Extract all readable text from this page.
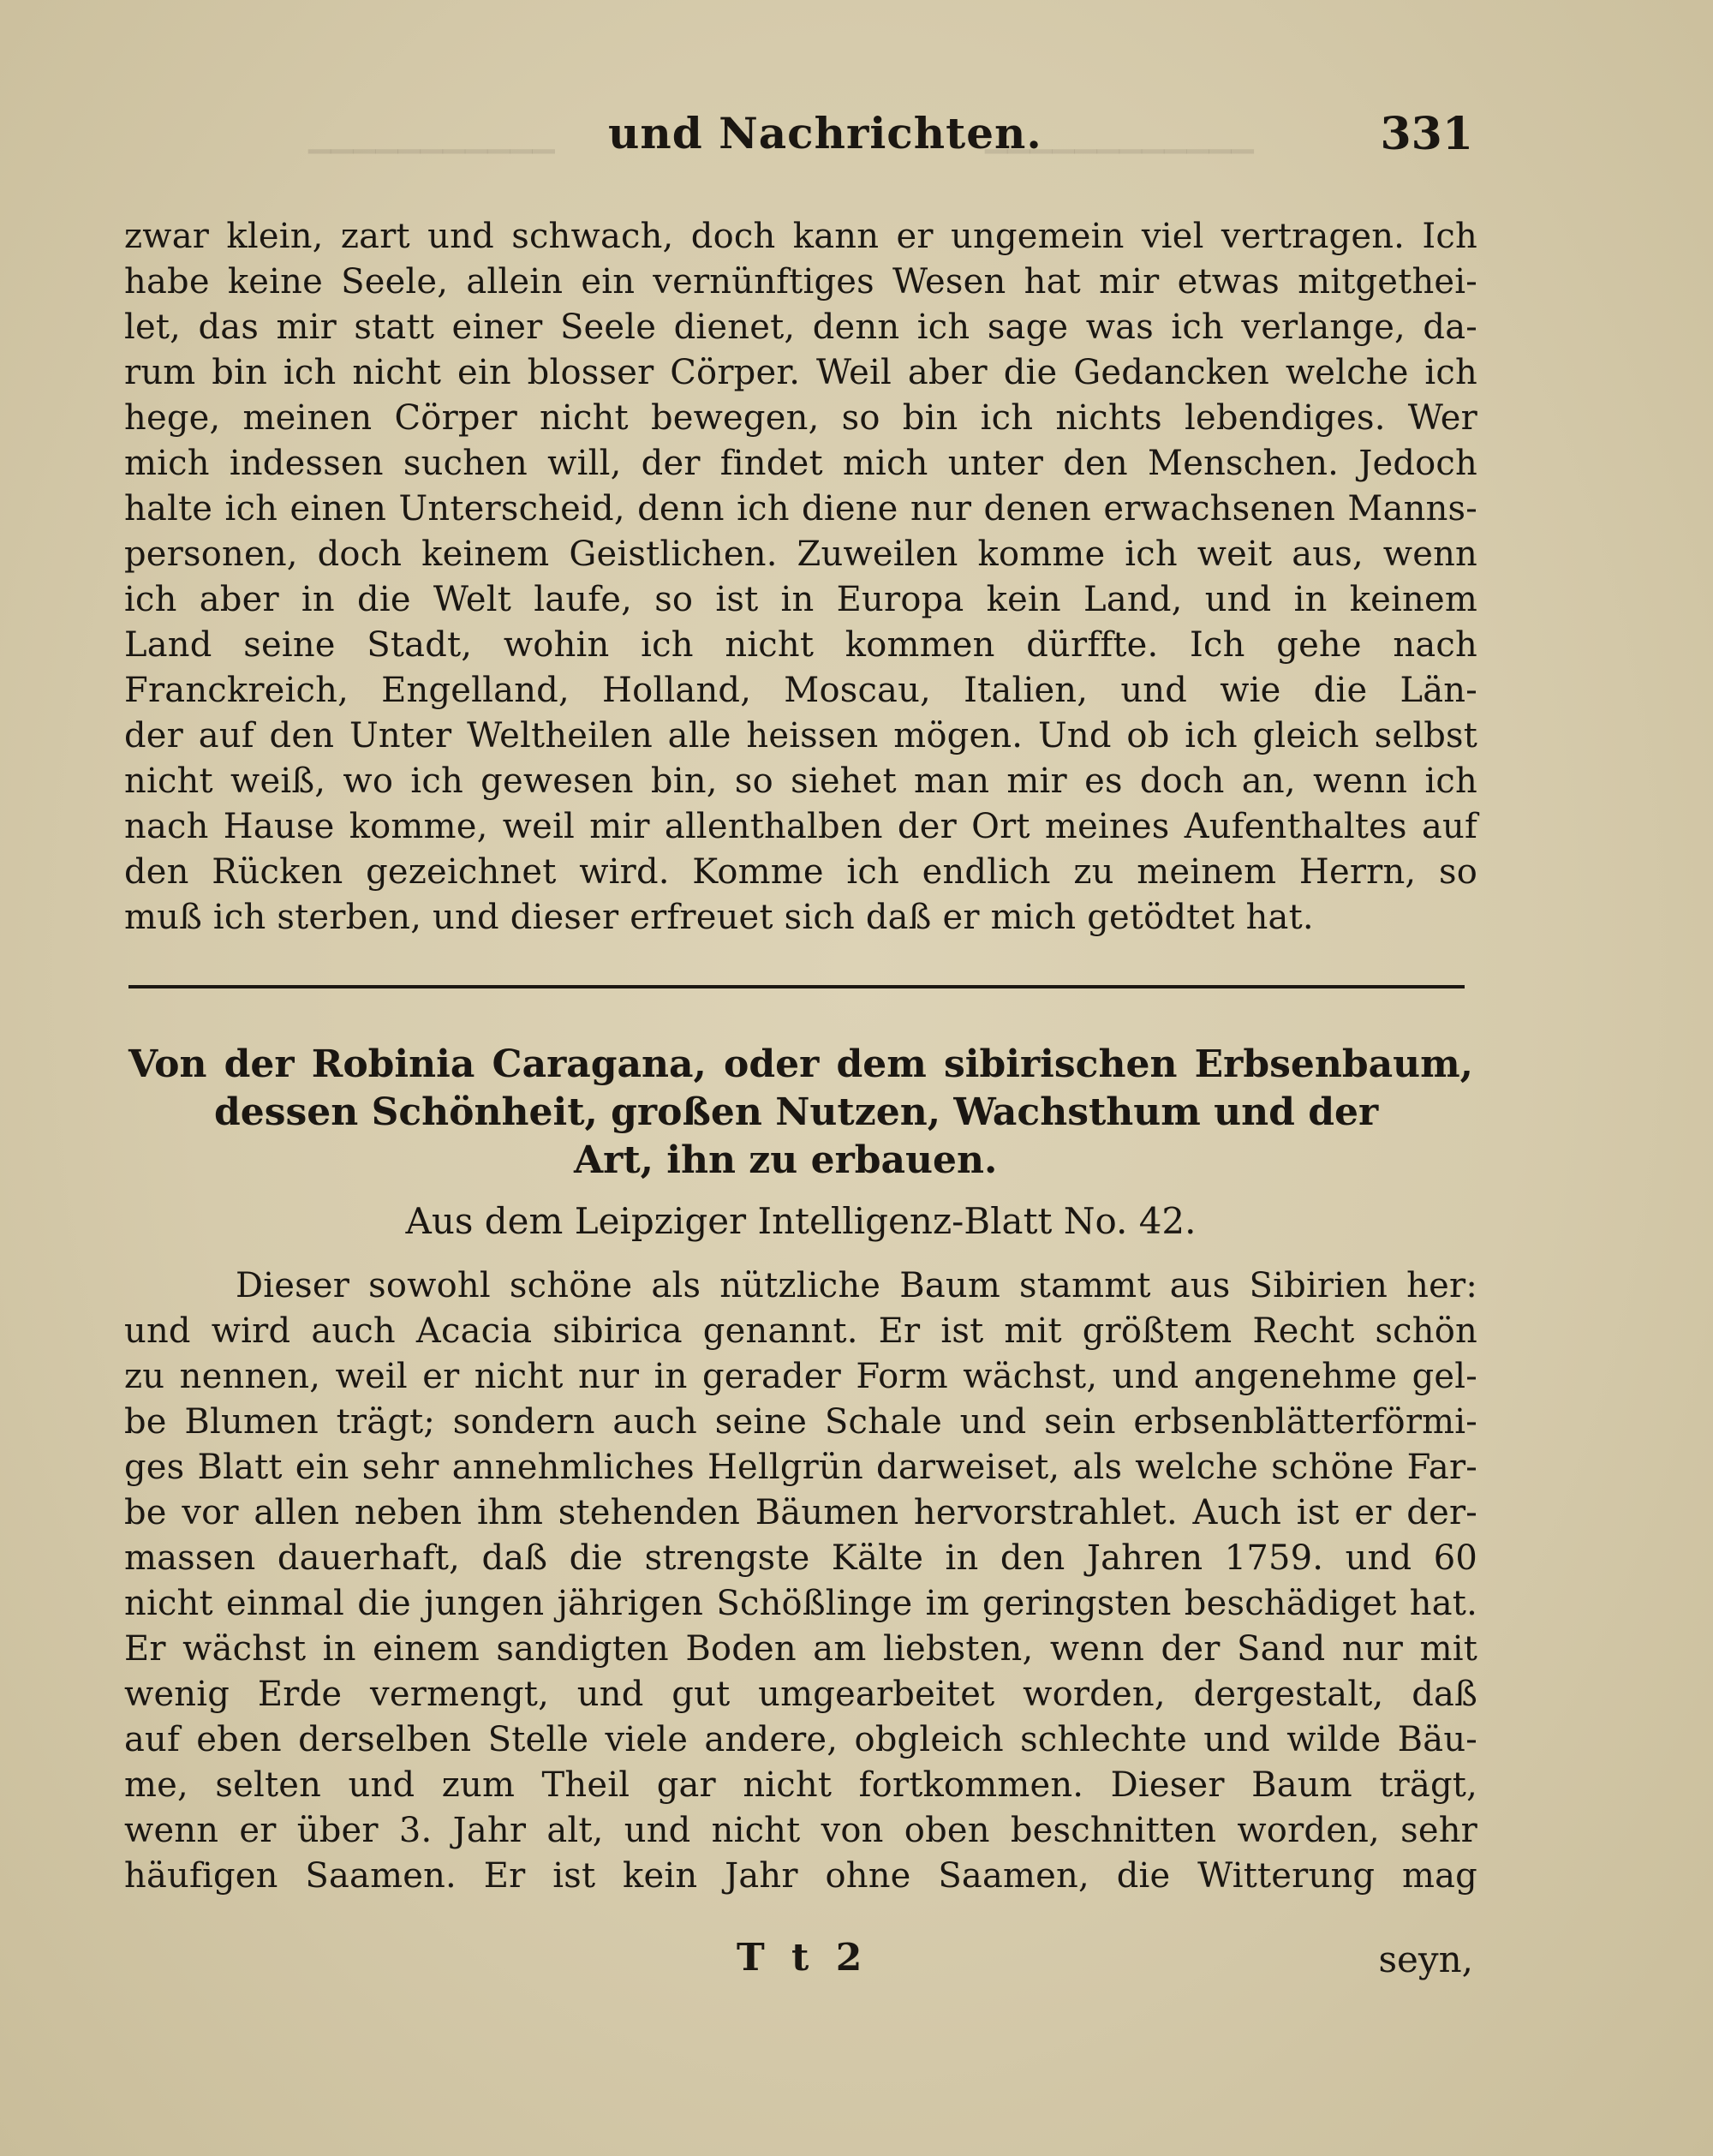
▁▁▁▁▁▁▁▁▁▁▁	▁▁▁▁▁▁▁▁▁▁▁▁
und Nachrichten.	331
zwar klein, zart und schwach, doch kann er ungemein viel vertragen. Ich
habe keine Seele, allein ein vernünftiges Wesen hat mir etwas mitgethei-
let, das mir statt einer Seele dienet, denn ich sage was ich verlange, da-
rum bin ich nicht ein blosser Cörper. Weil aber die Gedancken welche ich
hege, meinen Cörper nicht bewegen, so bin ich nichts lebendiges. Wer
mich indessen suchen will, der findet mich unter den Menschen. Jedoch
halte ich einen Unterscheid, denn ich diene nur denen erwachsenen Manns-
personen, doch keinem Geistlichen. Zuweilen komme ich weit aus, wenn
ich aber in die Welt laufe, so ist in Europa kein Land, und in keinem
Land seine Stadt, wohin ich nicht kommen dürffte. Ich gehe nach
Franckreich, Engelland, Holland, Moscau, Italien, und wie die Län-
der auf den Unter Weltheilen alle heissen mögen. Und ob ich gleich selbst
nicht weiß, wo ich gewesen bin, so siehet man mir es doch an, wenn ich
nach Hause komme, weil mir allenthalben der Ort meines Aufenthaltes auf
den Rücken gezeichnet wird. Komme ich endlich zu meinem Herrn, so
muß ich sterben, und dieser erfreuet sich daß er mich getödtet hat.
Von der Robinia Caragana, oder dem sibirischen Erbsenbaum,
dessen Schönheit, großen Nutzen, Wachsthum und der
Art, ihn zu erbauen.
Aus dem Leipziger Intelligenz-Blatt No. 42.
Dieser sowohl schöne als nützliche Baum stammt aus Sibirien her:
und wird auch Acacia sibirica genannt. Er ist mit größtem Recht schön
zu nennen, weil er nicht nur in gerader Form wächst, und angenehme gel-
be Blumen trägt; sondern auch seine Schale und sein erbsenblätterförmi-
ges Blatt ein sehr annehmliches Hellgrün darweiset, als welche schöne Far-
be vor allen neben ihm stehenden Bäumen hervorstrahlet. Auch ist er der-
massen dauerhaft, daß die strengste Kälte in den Jahren 1759. und 60
nicht einmal die jungen jährigen Schößlinge im geringsten beschädiget hat.
Er wächst in einem sandigten Boden am liebsten, wenn der Sand nur mit
wenig Erde vermengt, und gut umgearbeitet worden, dergestalt, daß
auf eben derselben Stelle viele andere, obgleich schlechte und wilde Bäu-
me, selten und zum Theil gar nicht fortkommen. Dieser Baum trägt,
wenn er über 3. Jahr alt, und nicht von oben beschnitten worden, sehr
häufigen Saamen. Er ist kein Jahr ohne Saamen, die Witterung mag
T t 2	seyn,
